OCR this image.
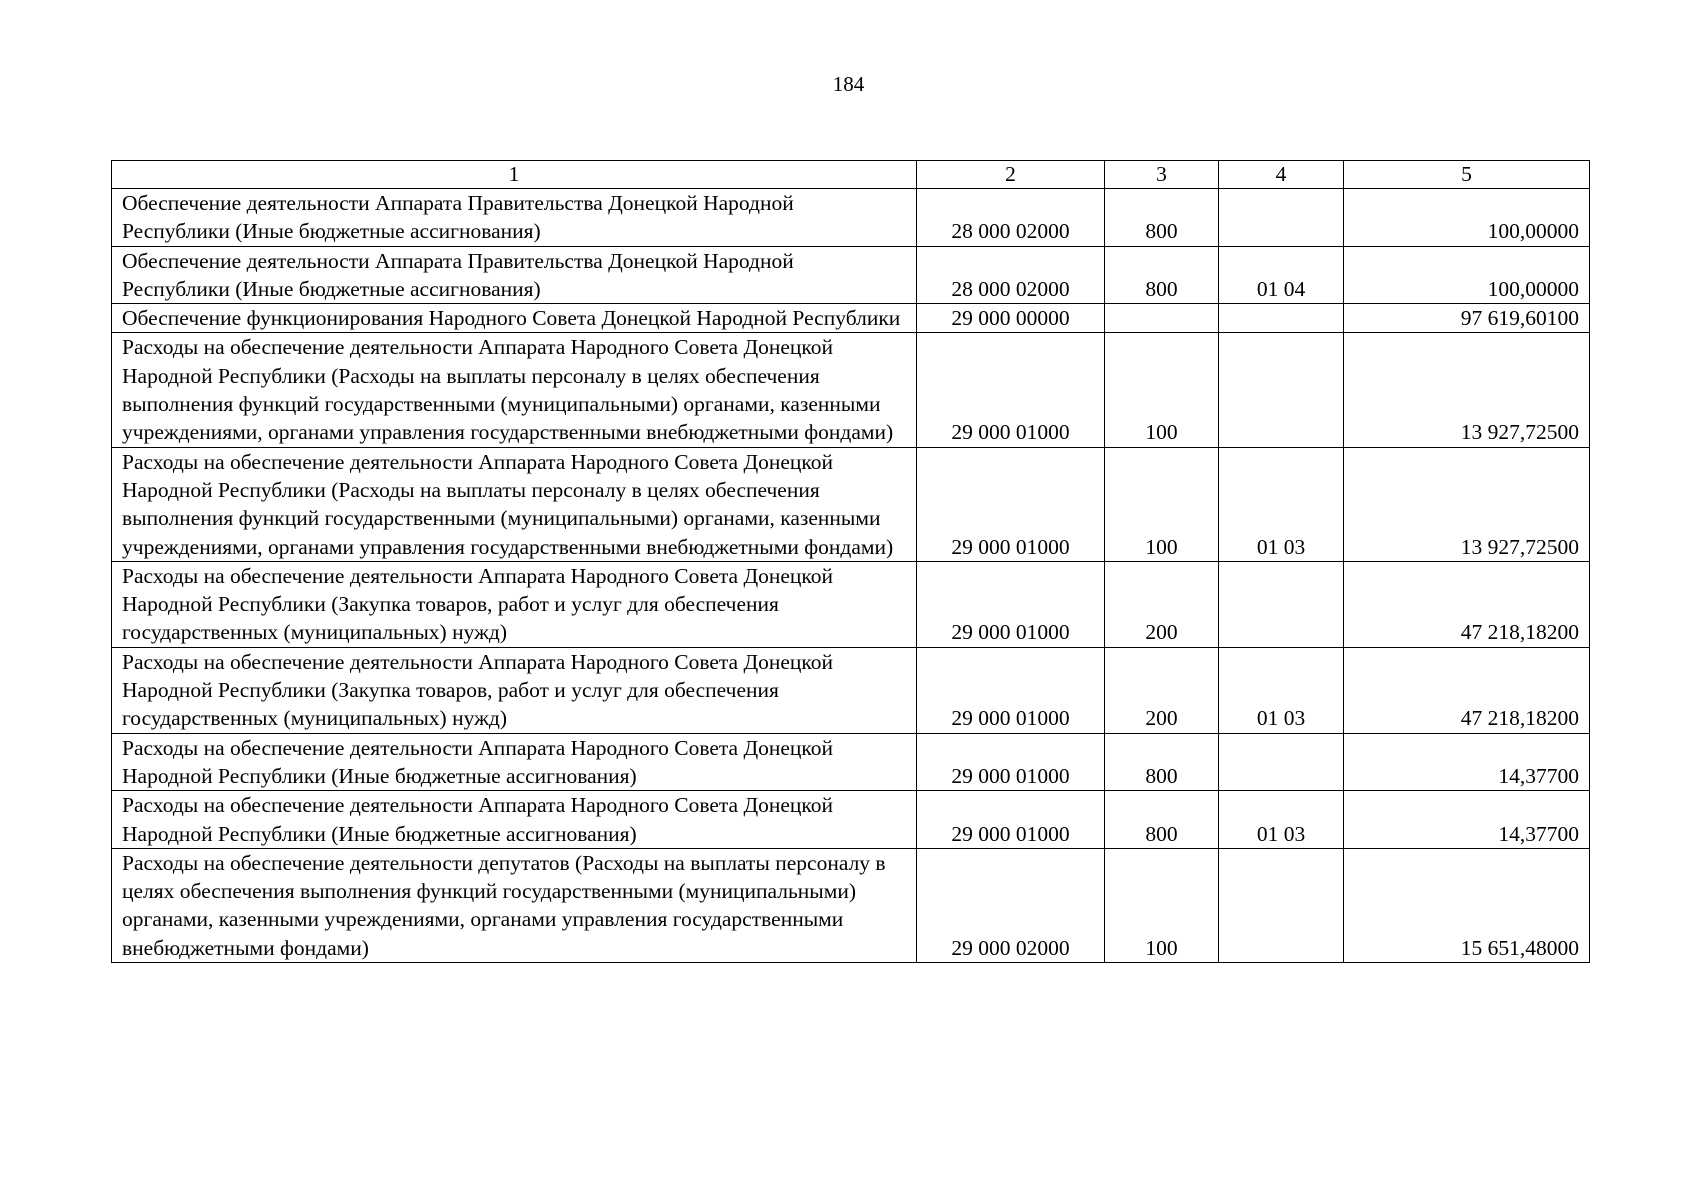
184
1	2	3	4	5
Обеспечение деятельности Аппарата Правительства Донецкой Народной Республики (Иные бюджетные ассигнования)	28 000 02000	800		100,00000
Обеспечение деятельности Аппарата Правительства Донецкой Народной Республики (Иные бюджетные ассигнования)	28 000 02000	800	01 04	100,00000
Обеспечение функционирования Народного Совета Донецкой Народной Республики	29 000 00000			97 619,60100
Расходы на обеспечение деятельности Аппарата Народного Совета Донецкой Народной Республики (Расходы на выплаты персоналу в целях обеспечения выполнения функций государственными (муниципальными) органами, казенными учреждениями, органами управления государственными внебюджетными фондами)	29 000 01000	100		13 927,72500
Расходы на обеспечение деятельности Аппарата Народного Совета Донецкой Народной Республики (Расходы на выплаты персоналу в целях обеспечения выполнения функций государственными (муниципальными) органами, казенными учреждениями, органами управления государственными внебюджетными фондами)	29 000 01000	100	01 03	13 927,72500
Расходы на обеспечение деятельности Аппарата Народного Совета Донецкой Народной Республики (Закупка товаров, работ и услуг для обеспечения государственных (муниципальных) нужд)	29 000 01000	200		47 218,18200
Расходы на обеспечение деятельности Аппарата Народного Совета Донецкой Народной Республики (Закупка товаров, работ и услуг для обеспечения государственных (муниципальных) нужд)	29 000 01000	200	01 03	47 218,18200
Расходы на обеспечение деятельности Аппарата Народного Совета Донецкой Народной Республики (Иные бюджетные ассигнования)	29 000 01000	800		14,37700
Расходы на обеспечение деятельности Аппарата Народного Совета Донецкой Народной Республики (Иные бюджетные ассигнования)	29 000 01000	800	01 03	14,37700
Расходы на обеспечение деятельности депутатов (Расходы на выплаты персоналу в целях обеспечения выполнения функций государственными (муниципальными) органами, казенными учреждениями, органами управления государственными внебюджетными фондами)	29 000 02000	100		15 651,48000
